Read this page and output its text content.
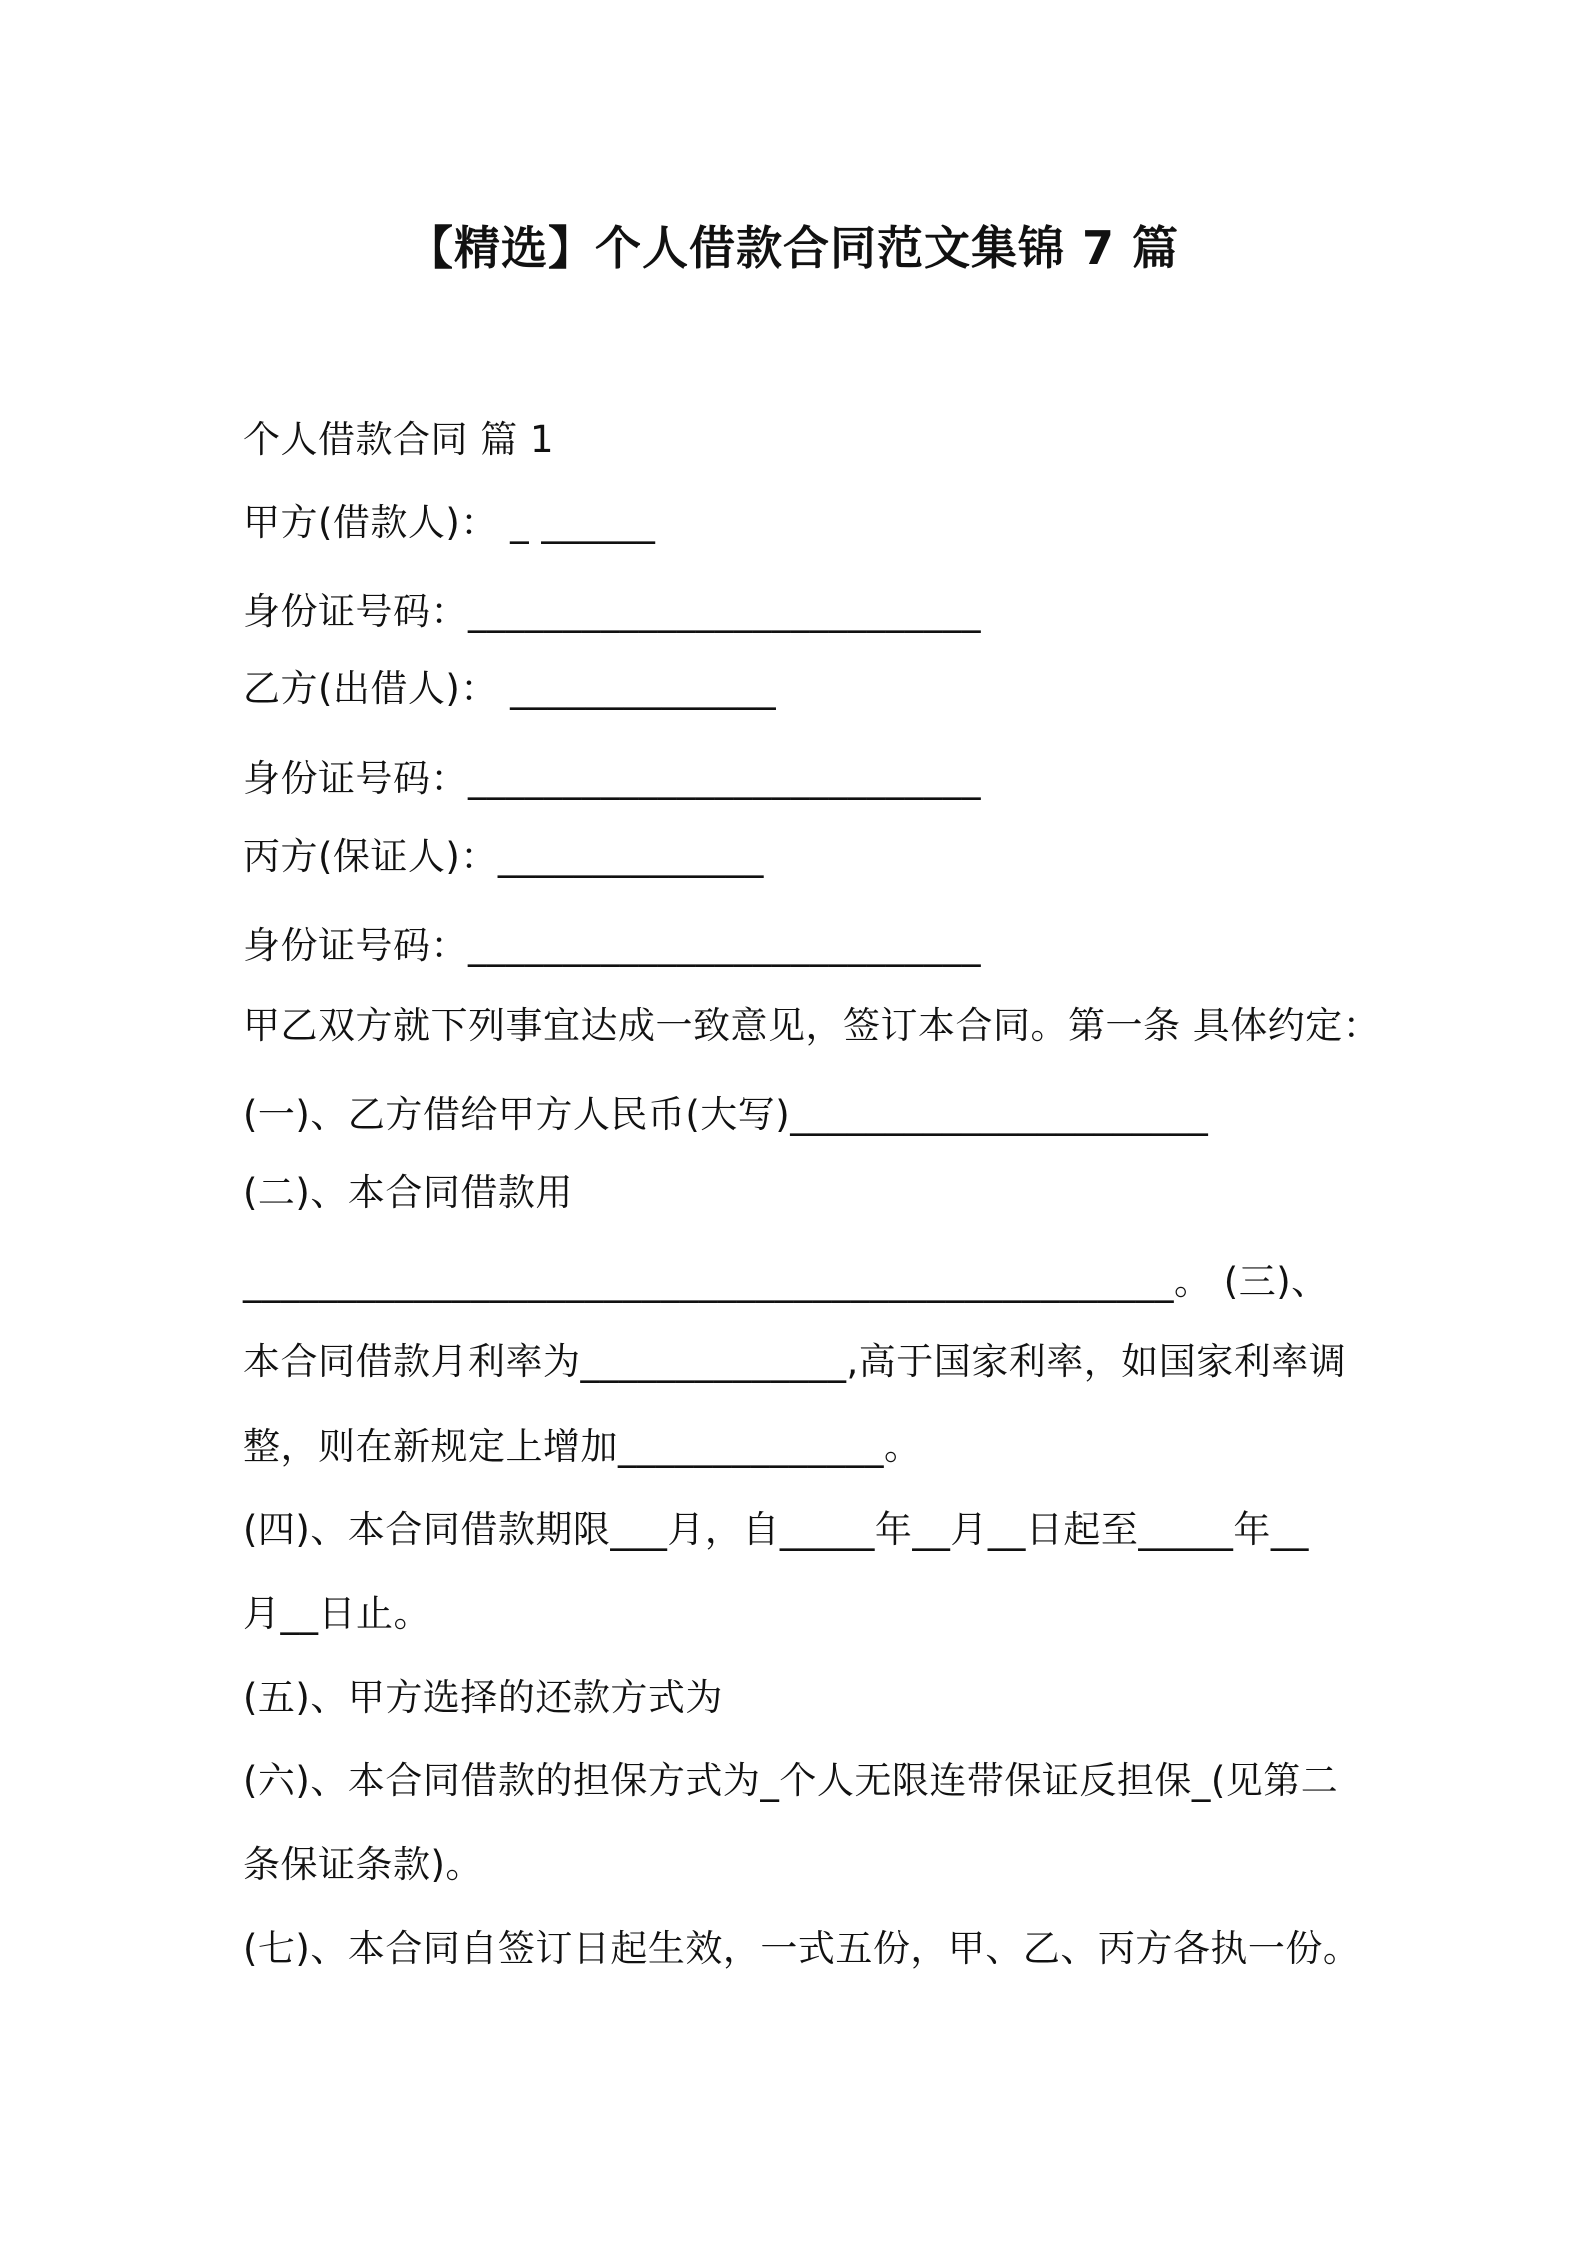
【精选】个人借款合同范文集锦 7 篇
个人借款合同 篇 1
甲方(借款人)： _ ______
身份证号码：___________________________
乙方(出借人)： ______________
身份证号码：___________________________
丙方(保证人)：______________
身份证号码：___________________________
甲乙双方就下列事宜达成一致意见，签订本合同。第一条 具体约定：
(一)、乙方借给甲方人民币(大写)______________________
(二)、本合同借款用
_________________________________________________。 (三)、
本合同借款月利率为______________,高于国家利率，如国家利率调
整，则在新规定上增加______________。
(四)、本合同借款期限___月，自_____年__月__日起至_____年__
月__日止。
(五)、甲方选择的还款方式为
(六)、本合同借款的担保方式为_个人无限连带保证反担保_(见第二
条保证条款)。
(七)、本合同自签订日起生效，一式五份，甲、乙、丙方各执一份。
